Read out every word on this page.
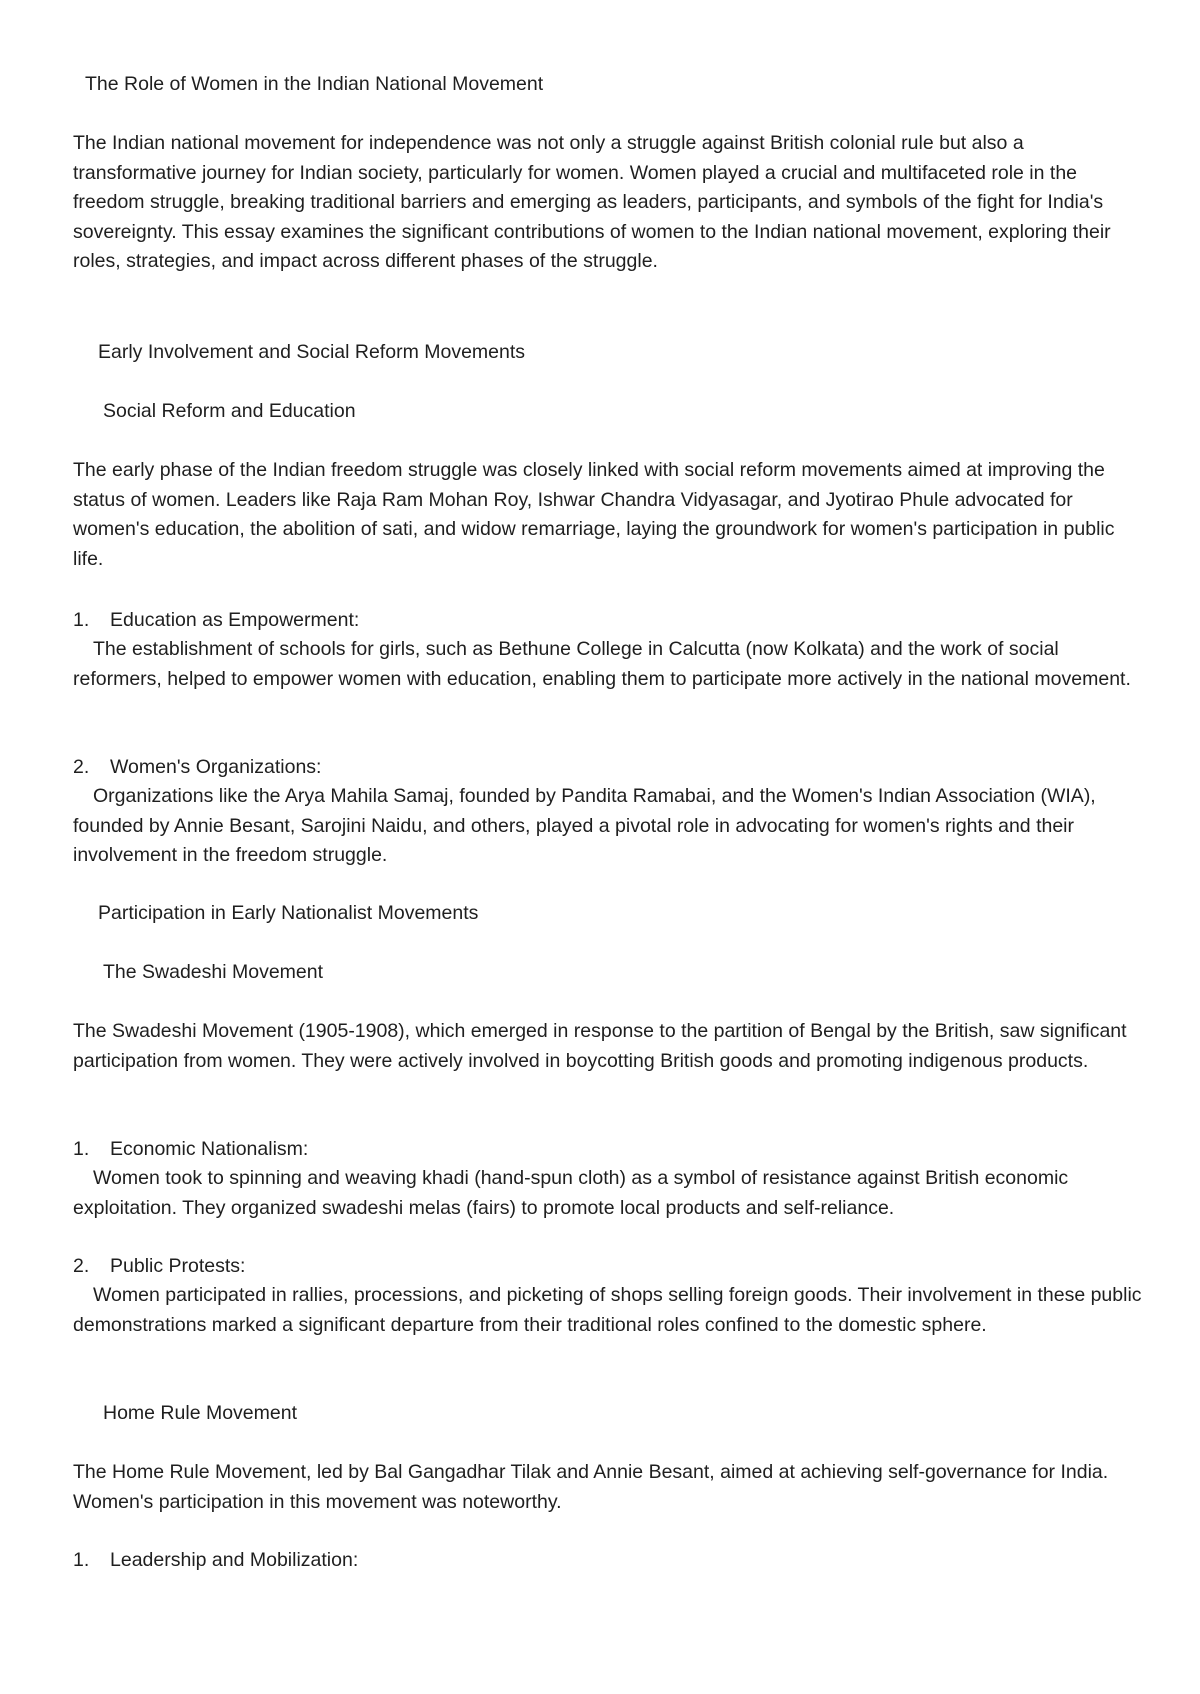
The Role of Women in the Indian National Movement

The Indian national movement for independence was not only a struggle against British colonial rule but also a transformative journey for Indian society, particularly for women. Women played a crucial and multifaceted role in the freedom struggle, breaking traditional barriers and emerging as leaders, participants, and symbols of the fight for India's sovereignty. This essay examines the significant contributions of women to the Indian national movement, exploring their roles, strategies, and impact across different phases of the struggle.

Early Involvement and Social Reform Movements

Social Reform and Education

The early phase of the Indian freedom struggle was closely linked with social reform movements aimed at improving the status of women. Leaders like Raja Ram Mohan Roy, Ishwar Chandra Vidyasagar, and Jyotirao Phule advocated for women's education, the abolition of sati, and widow remarriage, laying the groundwork for women's participation in public life.

1. Education as Empowerment:

The establishment of schools for girls, such as Bethune College in Calcutta (now Kolkata) and the work of social reformers, helped to empower women with education, enabling them to participate more actively in the national movement.

2. Women's Organizations:

Organizations like the Arya Mahila Samaj, founded by Pandita Ramabai, and the Women's Indian Association (WIA), founded by Annie Besant, Sarojini Naidu, and others, played a pivotal role in advocating for women's rights and their involvement in the freedom struggle.

Participation in Early Nationalist Movements

The Swadeshi Movement

The Swadeshi Movement (1905-1908), which emerged in response to the partition of Bengal by the British, saw significant participation from women. They were actively involved in boycotting British goods and promoting indigenous products.

1. Economic Nationalism:

Women took to spinning and weaving khadi (hand-spun cloth) as a symbol of resistance against British economic exploitation. They organized swadeshi melas (fairs) to promote local products and self-reliance.

2. Public Protests:

Women participated in rallies, processions, and picketing of shops selling foreign goods. Their involvement in these public demonstrations marked a significant departure from their traditional roles confined to the domestic sphere.

Home Rule Movement

The Home Rule Movement, led by Bal Gangadhar Tilak and Annie Besant, aimed at achieving self-governance for India. Women's participation in this movement was noteworthy.

1. Leadership and Mobilization:
